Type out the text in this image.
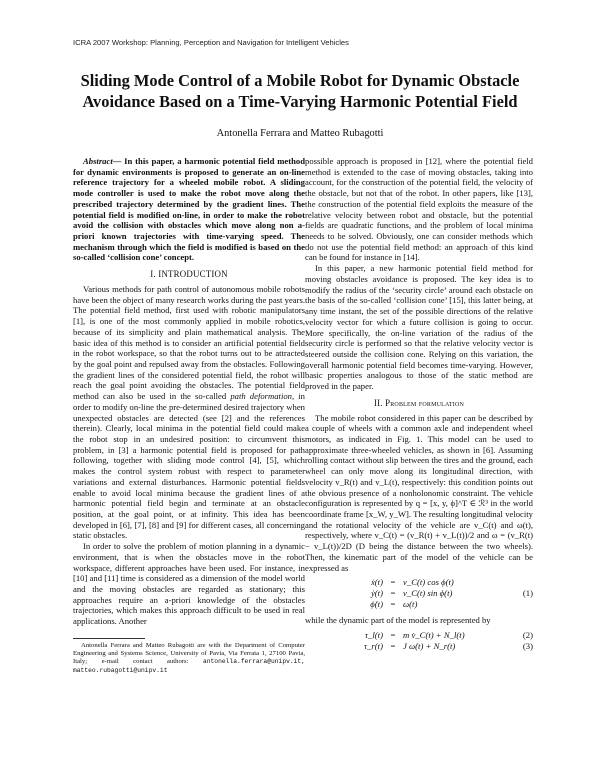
ICRA 2007 Workshop: Planning, Perception and Navigation for Intelligent Vehicles
Sliding Mode Control of a Mobile Robot for Dynamic Obstacle
Avoidance Based on a Time-Varying Harmonic Potential Field
Antonella Ferrara and Matteo Rubagotti

Abstract— In this paper, a harmonic potential field method for dynamic environments is proposed to generate an on-line reference trajectory for a wheeled mobile robot. A sliding mode controller is used to make the robot move along the prescribed trajectory determined by the gradient lines. The potential field is modified on-line, in order to make the robot avoid the collision with obstacles which move along non a-priori known trajectories with time-varying speed. The mechanism through which the field is modified is based on the so-called ‘collision cone’ concept.

I. INTRODUCTION

Various methods for path control of autonomous mobile robots have been the object of many research works during the past years. The potential field method, first used with robotic manipulators [1], is one of the most commonly applied in mobile robotics, because of its simplicity and plain mathematical analysis. The basic idea of this method is to consider an artificial potential field in the robot workspace, so that the robot turns out to be attracted by the goal point and repulsed away from the obstacles. Following the gradient lines of the considered potential field, the robot will reach the goal point avoiding the obstacles. The potential field method can also be used in the so-called path deformation, in order to modify on-line the pre-determined desired trajectory when unexpected obstacles are detected (see [2] and the references therein). Clearly, local minima in the potential field could make the robot stop in an undesired position: to circumvent this problem, in [3] a harmonic potential field is proposed for path following, together with sliding mode control [4], [5], which makes the control system robust with respect to parameter variations and external disturbances. Harmonic potential fields enable to avoid local minima because the gradient lines of a harmonic potential field begin and terminate at an obstacle position, at the goal point, or at infinity. This idea has been developed in [6], [7], [8] and [9] for different cases, all concerning static obstacles.

In order to solve the problem of motion planning in a dynamic environment, that is when the obstacles move in the robot workspace, different approaches have been used. For instance, in [10] and [11] time is considered as a dimension of the model world and the moving obstacles are regarded as stationary; this approaches require an a-priori knowledge of the obstacles trajectories, which makes this approach difficult to be used in real applications. Another

Antonella Ferrara and Matteo Rubagotti are with the Department of Computer Engineering and Systems Science, University of Pavia, Via Ferrata 1, 27100 Pavia, Italy; e-mail contact authors: antonella.ferrara@unipv.it, matteo.rubagotti@unipv.it

possible approach is proposed in [12], where the potential field method is extended to the case of moving obstacles, taking into account, for the construction of the potential field, the velocity of the obstacle, but not that of the robot. In other papers, like [13], the construction of the potential field exploits the measure of the relative velocity between robot and obstacle, but the potential fields are quadratic functions, and the problem of local minima needs to be solved. Obviously, one can consider methods which do not use the potential field method: an approach of this kind can be found for instance in [14].

In this paper, a new harmonic potential field method for moving obstacles avoidance is proposed. The key idea is to modify the radius of the ‘security circle’ around each obstacle on the basis of the so-called ‘collision cone’ [15], this latter being, at any time instant, the set of the possible directions of the relative velocity vector for which a future collision is going to occur. More specifically, the on-line variation of the radius of the security circle is performed so that the relative velocity vector is steered outside the collision cone. Relying on this variation, the overall harmonic potential field becomes time-varying. However, basic properties analogous to those of the static method are proved in the paper.

II. Problem formulation

The mobile robot considered in this paper can be described by a couple of wheels with a common axle and independent wheel motors, as indicated in Fig. 1. This model can be used to approximate three-wheeled vehicles, as shown in [6]. Assuming rolling contact without slip between the tires and the ground, each wheel can only move along its longitudinal direction, with velocity v_R(t) and v_L(t), respectively: this condition points out the obvious presence of a nonholonomic constraint. The vehicle configuration is represented by q = [x, y, ϕ]^T ∈ ℛ³ in the world coordinate frame [x_W, y_W]. The resulting longitudinal velocity and the rotational velocity of the vehicle are v_C(t) and ω(t), respectively, where v_C(t) = (v_R(t) + v_L(t))/2 and ω = (v_R(t) − v_L(t))/2D (D being the distance between the two wheels). Then, the kinematic part of the model of the vehicle can be expressed as

ẋ(t) = v_C(t) cos ϕ(t)
ẏ(t) = v_C(t) sin ϕ(t)
ϕ̇(t) = ω(t)
(1)

while the dynamic part of the model is represented by

τ_l(t) = m v̇_C(t) + N_l(t)	(2)
τ_r(t) = J ω̇(t) + N_r(t)	(3)
